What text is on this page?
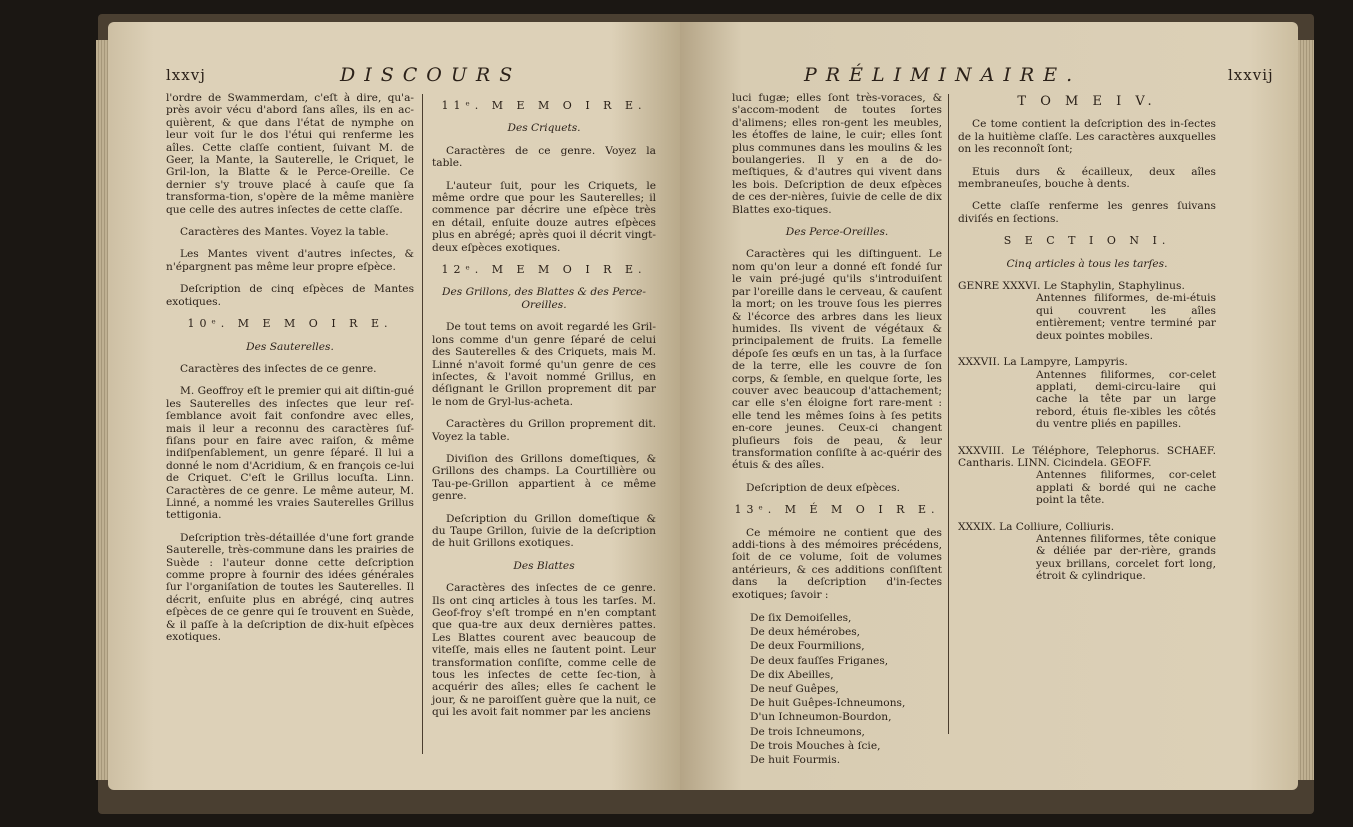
lxxvj	DISCOURS

l'ordre de Swammerdam, c'eſt à dire, qu'a-près avoir vécu d'abord ſans aîles, ils en ac-quièrent, & que dans l'état de nymphe on leur voit ſur le dos l'étui qui renferme les aîles. Cette claſſe contient, ſuivant M. de Geer, la Mante, la Sauterelle, le Criquet, le Gril-lon, la Blatte & le Perce-Oreille. Ce dernier s'y trouve placé à cauſe que ſa transforma-tion, s'opère de la même manière que celle des autres inſectes de cette claſſe.

Caractères des Mantes. Voyez la table.

Les Mantes vivent d'autres inſectes, & n'épargnent pas même leur propre eſpèce.

Deſcription de cinq eſpèces de Mantes exotiques.

10ᵉ. M E M O I R E.
Des Sauterelles.

Caractères des inſectes de ce genre.

M. Geoffroy eſt le premier qui ait diſtin-gué les Sauterelles des inſectes que leur reſ-ſemblance avoit fait confondre avec elles, mais il leur a reconnu des caractères ſuf-fiſans pour en faire avec raiſon, & même indiſpenſablement, un genre ſéparé. Il lui a donné le nom d'Acridium, & en françois ce-lui de Criquet. C'eſt le Grillus locuſta. Linn. Caractères de ce genre. Le même auteur, M. Linné, a nommé les vraies Sauterelles Grillus tettigonia.

Deſcription très-détaillée d'une fort grande Sauterelle, très-commune dans les prairies de Suède : l'auteur donne cette deſcription comme propre à fournir des idées générales ſur l'organiſation de toutes les Sauterelles. Il décrit, enſuite plus en abrégé, cinq autres eſpèces de ce genre qui ſe trouvent en Suède, & il paſſe à la deſcription de dix-huit eſpèces exotiques.

11ᵉ. M E M O I R E.
Des Criquets.

Caractères de ce genre. Voyez la table.

L'auteur ſuit, pour les Criquets, le même ordre que pour les Sauterelles; il commence par décrire une eſpèce très en détail, enſuite douze autres eſpèces plus en abrégé; après quoi il décrit vingt-deux eſpèces exotiques.

12ᵉ. M E M O I R E.
Des Grillons, des Blattes & des Perce-Oreilles.

De tout tems on avoit regardé les Gril-lons comme d'un genre ſéparé de celui des Sauterelles & des Criquets, mais M. Linné n'avoit formé qu'un genre de ces inſectes, & l'avoit nommé Grillus, en déſignant le Grillon proprement dit par le nom de Gryl-lus-acheta.

Caractères du Grillon proprement dit. Voyez la table.

Diviſion des Grillons domeſtiques, & Grillons des champs. La Courtillière ou Tau-pe-Grillon appartient à ce même genre.

Deſcription du Grillon domeſtique & du Taupe Grillon, ſuivie de la deſcription de huit Grillons exotiques.

Des Blattes

Caractères des inſectes de ce genre. Ils ont cinq articles à tous les tarſes. M. Geof-froy s'eſt trompé en n'en comptant que qua-tre aux deux dernières pattes. Les Blattes courent avec beaucoup de viteſſe, mais elles ne ſautent point. Leur transformation conſiſte, comme celle de tous les inſectes de cette ſec-tion, à acquérir des aîles; elles ſe cachent le jour, & ne paroiſſent guère que la nuit, ce qui les avoit fait nommer par les anciens

PRÉLIMINAIRE.	lxxvij

luci fugæ; elles ſont très-voraces, & s'accom-modent de toutes ſortes d'alimens; elles ron-gent les meubles, les étoffes de laine, le cuir; elles ſont plus communes dans les moulins & les boulangeries. Il y en a de do-meſtiques, & d'autres qui vivent dans les bois. Deſcription de deux eſpèces de ces der-nières, ſuivie de celle de dix Blattes exo-tiques.

Des Perce-Oreilles.

Caractères qui les diſtinguent. Le nom qu'on leur a donné eſt fondé ſur le vain pré-jugé qu'ils s'introduiſent par l'oreille dans le cerveau, & cauſent la mort; on les trouve ſous les pierres & l'écorce des arbres dans les lieux humides. Ils vivent de végétaux & principalement de fruits. La femelle dépoſe ſes œufs en un tas, à la ſurface de la terre, elle les couvre de ſon corps, & ſemble, en quelque ſorte, les couver avec beaucoup d'attachement; car elle s'en éloigne fort rare-ment : elle tend les mêmes ſoins à ſes petits en-core jeunes. Ceux-ci changent pluſieurs fois de peau, & leur transformation conſiſte à ac-quérir des étuis & des aîles.

Deſcription de deux eſpèces.

13ᵉ. M É M O I R E.

Ce mémoire ne contient que des addi-tions à des mémoires précédens, ſoit de ce volume, ſoit de volumes antérieurs, & ces additions conſiſtent dans la deſcription d'in-ſectes exotiques; ſavoir :

De ſix Demoiſelles,
De deux hémérobes,
De deux Fourmilions,
De deux fauſſes Friganes,
De dix Abeilles,
De neuf Guêpes,
De huit Guêpes-Ichneumons,
D'un Ichneumon-Bourdon,
De trois Ichneumons,
De trois Mouches à ſcie,
De huit Fourmis.
T O M E I V.

Ce tome contient la deſcription des in-ſectes de la huitième claſſe. Les caractères auxquelles on les reconnoît ſont;

Etuis durs & écailleux, deux aîles membraneuſes, bouche à dents.

Cette claſſe renferme les genres ſuivans diviſés en ſections.

S E C T I O N I.
Cinq articles à tous les tarſes.
GENRE XXXVI. Le Staphylin, Staphylinus.
Antennes filiformes, de-mi-étuis qui couvrent les aîles entièrement; ventre terminé par deux pointes mobiles.
XXXVII. La Lampyre, Lampyris.
Antennes filiformes, cor-celet applati, demi-circu-laire qui cache la tête par un large rebord, étuis fle-xibles les côtés du ventre pliés en papilles.
XXXVIII. Le Téléphore, Telephorus. SCHAEF. Cantharis. LINN. Cicindela. GEOFF.
Antennes filiformes, cor-celet applati & bordé qui ne cache point la tête.
XXXIX. La Colliure, Colliuris.
Antennes filiformes, tête conique & déliée par der-rière, grands yeux brillans, corcelet fort long, étroit & cylindrique.
